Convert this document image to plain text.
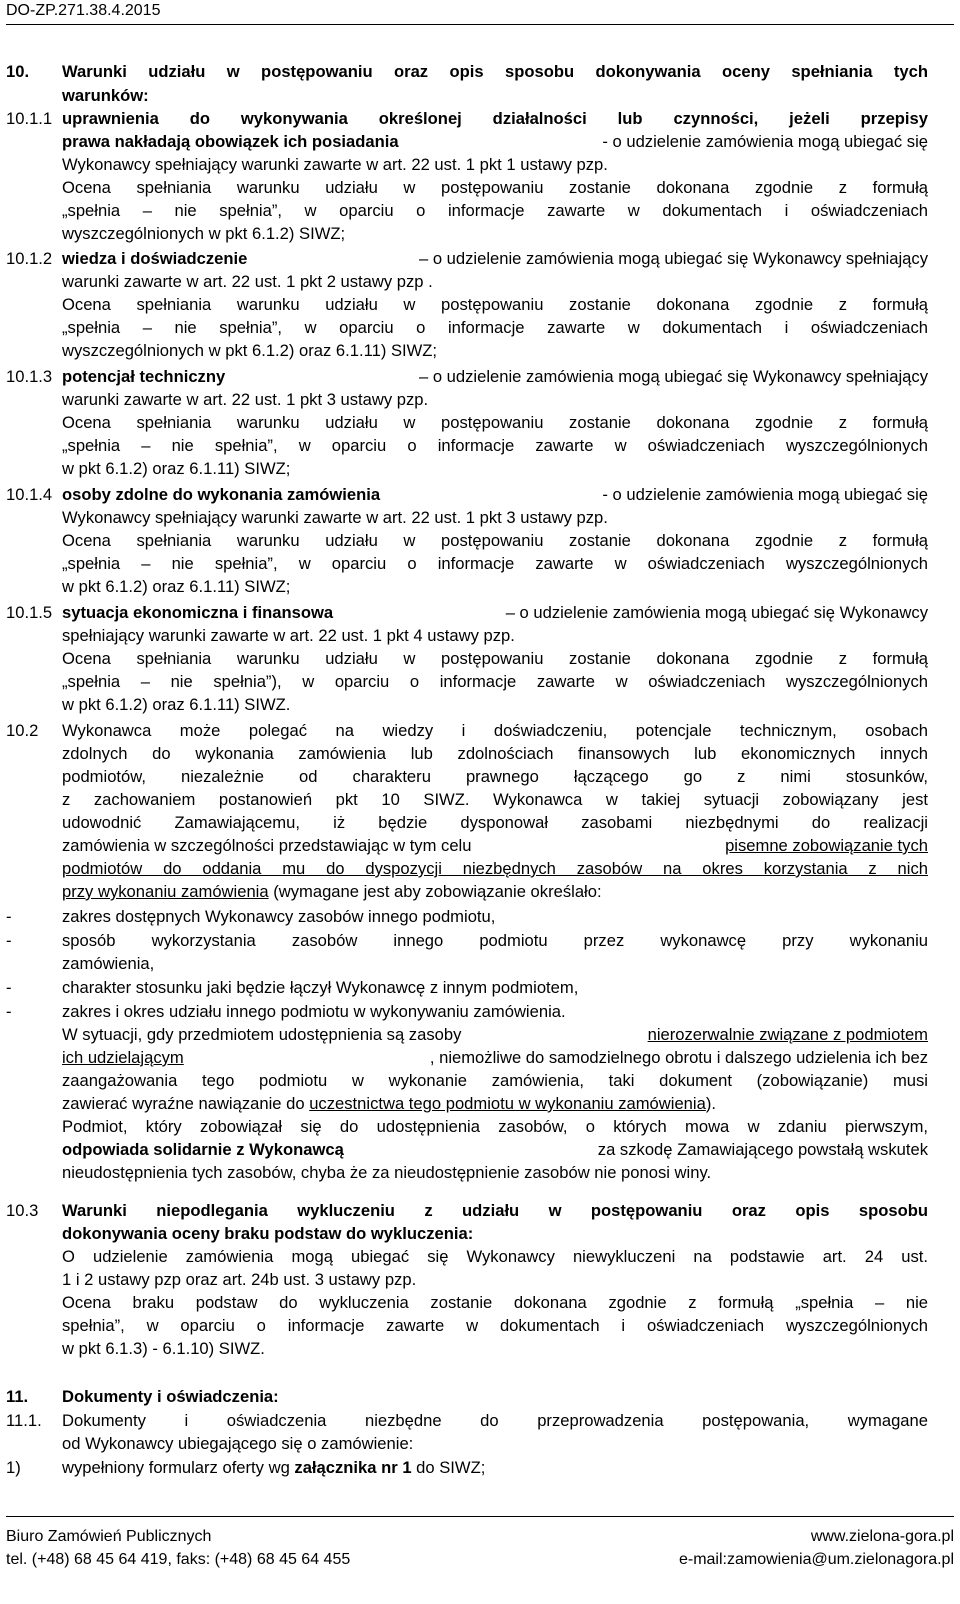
DO-ZP.271.38.4.2015
10. Warunki udziału w postępowaniu oraz opis sposobu dokonywania oceny spełniania tych
warunków:
10.1.1 uprawnienia do wykonywania określonej działalności lub czynności, jeżeli przepisy
prawa nakładają obowiązek ich posiadania	- o udzielenie zamówienia mogą ubiegać się
Wykonawcy spełniający warunki zawarte w art. 22 ust. 1 pkt 1 ustawy pzp.
Ocena spełniania warunku udziału w postępowaniu zostanie dokonana zgodnie z formułą
„spełnia – nie spełnia”, w oparciu o informacje zawarte w dokumentach i oświadczeniach
wyszczególnionych w pkt 6.1.2) SIWZ;
10.1.2 wiedza i doświadczenie	– o udzielenie zamówienia mogą ubiegać się Wykonawcy spełniający
warunki zawarte w art. 22 ust. 1 pkt 2 ustawy pzp .
Ocena spełniania warunku udziału w postępowaniu zostanie dokonana zgodnie z formułą
„spełnia – nie spełnia”, w oparciu o informacje zawarte w dokumentach i oświadczeniach
wyszczególnionych w pkt 6.1.2) oraz 6.1.11) SIWZ;
10.1.3 potencjał techniczny	– o udzielenie zamówienia mogą ubiegać się Wykonawcy spełniający
warunki zawarte w art. 22 ust. 1 pkt 3 ustawy pzp.
Ocena spełniania warunku udziału w postępowaniu zostanie dokonana zgodnie z formułą
„spełnia – nie spełnia”, w oparciu o informacje zawarte w oświadczeniach wyszczególnionych
w pkt 6.1.2) oraz 6.1.11) SIWZ;
10.1.4 osoby zdolne do wykonania zamówienia	- o udzielenie zamówienia mogą ubiegać się
Wykonawcy spełniający warunki zawarte w art. 22 ust. 1 pkt 3 ustawy pzp.
Ocena spełniania warunku udziału w postępowaniu zostanie dokonana zgodnie z formułą
„spełnia – nie spełnia”, w oparciu o informacje zawarte w oświadczeniach wyszczególnionych
w pkt 6.1.2) oraz 6.1.11) SIWZ;
10.1.5 sytuacja ekonomiczna i finansowa	– o udzielenie zamówienia mogą ubiegać się Wykonawcy
spełniający warunki zawarte w art. 22 ust. 1 pkt 4 ustawy pzp.
Ocena spełniania warunku udziału w postępowaniu zostanie dokonana zgodnie z formułą
„spełnia – nie spełnia”), w oparciu o informacje zawarte w oświadczeniach wyszczególnionych
w pkt 6.1.2) oraz 6.1.11) SIWZ.
10.2 Wykonawca może polegać na wiedzy i doświadczeniu, potencjale technicznym, osobach
zdolnych do wykonania zamówienia lub zdolnościach finansowych lub ekonomicznych innych
podmiotów, niezależnie od charakteru prawnego łączącego go z nimi stosunków,
z zachowaniem postanowień pkt 10 SIWZ. Wykonawca w takiej sytuacji zobowiązany jest
udowodnić Zamawiającemu, iż będzie dysponował zasobami niezbędnymi do realizacji
zamówienia w szczególności przedstawiając w tym celu	pisemne zobowiązanie tych
podmiotów do oddania mu do dyspozycji niezbędnych zasobów na okres korzystania z nich
przy wykonaniu zamówienia (wymagane jest aby zobowiązanie określało:
-	zakres dostępnych Wykonawcy zasobów innego podmiotu,
-	sposób wykorzystania zasobów innego podmiotu przez wykonawcę przy wykonaniu
zamówienia,
-	charakter stosunku jaki będzie łączył Wykonawcę z innym podmiotem,
-	zakres i okres udziału innego podmiotu w wykonywaniu zamówienia.
W sytuacji, gdy przedmiotem udostępnienia są zasoby	nierozerwalnie związane z podmiotem
ich udzielającym	, niemożliwe do samodzielnego obrotu i dalszego udzielenia ich bez
zaangażowania tego podmiotu w wykonanie zamówienia, taki dokument (zobowiązanie) musi
zawierać wyraźne nawiązanie do uczestnictwa tego podmiotu w wykonaniu zamówienia).
Podmiot, który zobowiązał się do udostępnienia zasobów, o których mowa w zdaniu pierwszym,
odpowiada solidarnie z Wykonawcą	za szkodę Zamawiającego powstałą wskutek
nieudostępnienia tych zasobów, chyba że za nieudostępnienie zasobów nie ponosi winy.
10.3 Warunki niepodlegania wykluczeniu z udziału w postępowaniu oraz opis sposobu
dokonywania oceny braku podstaw do wykluczenia:
O udzielenie zamówienia mogą ubiegać się Wykonawcy niewykluczeni na podstawie art. 24 ust.
1 i 2 ustawy pzp oraz art. 24b ust. 3 ustawy pzp.
Ocena braku podstaw do wykluczenia zostanie dokonana zgodnie z formułą „spełnia – nie
spełnia”, w oparciu o informacje zawarte w dokumentach i oświadczeniach wyszczególnionych
w pkt 6.1.3) - 6.1.10) SIWZ.
11. Dokumenty i oświadczenia:
11.1. Dokumenty i oświadczenia niezbędne do przeprowadzenia postępowania, wymagane
od Wykonawcy ubiegającego się o zamówienie:
1) wypełniony formularz oferty wg załącznika nr 1 do SIWZ;
Biuro Zamówień Publicznych	www.zielona-gora.pl
tel. (+48) 68 45 64 419, faks: (+48) 68 45 64 455	e-mail:zamowienia@um.zielonagora.pl
